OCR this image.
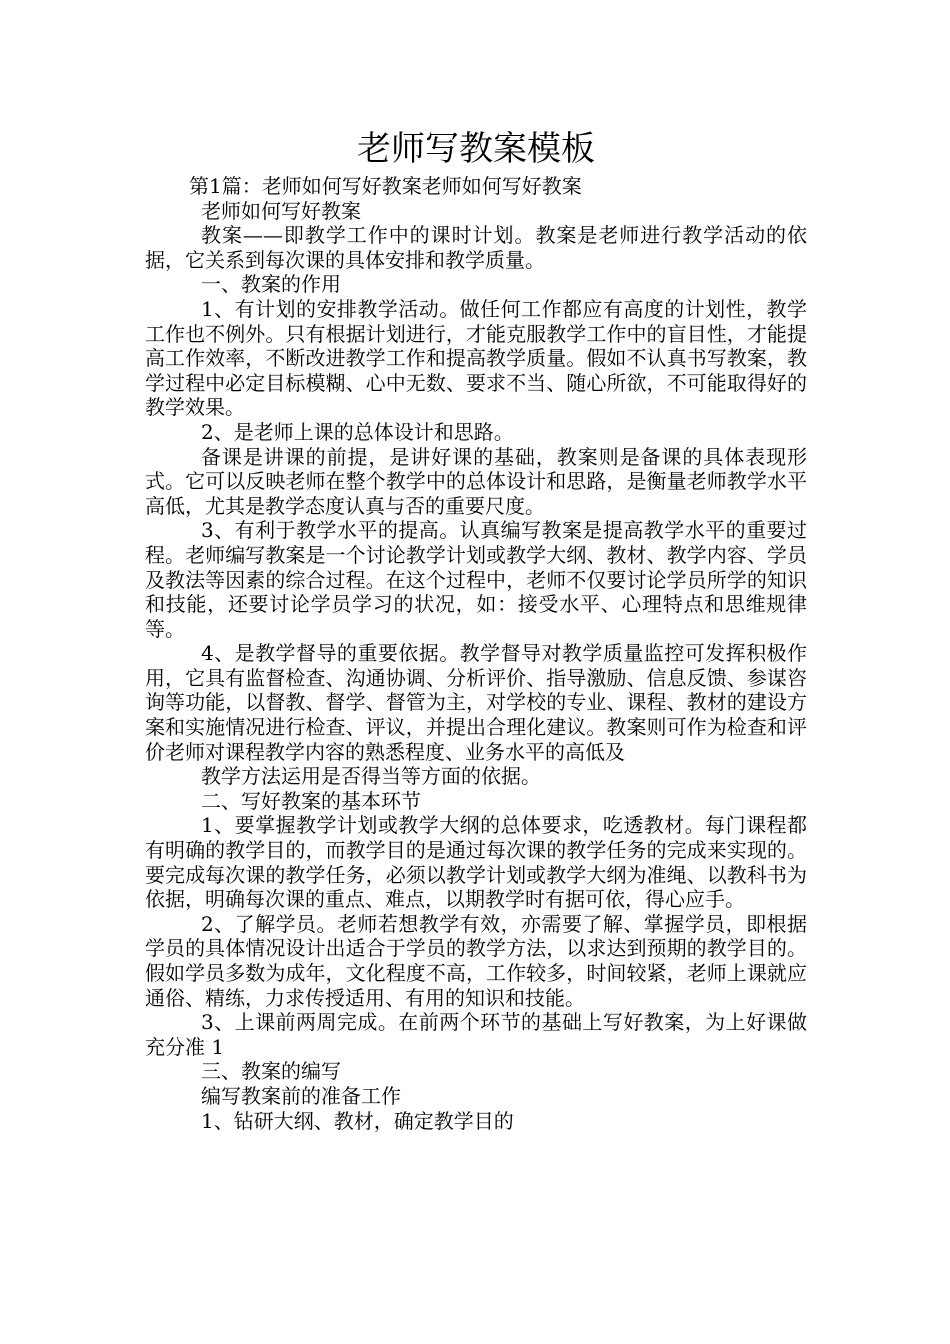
老师写教案模板

第1篇：老师如何写好教案老师如何写好教案

老师如何写好教案

教案——即教学工作中的课时计划。教案是老师进行教学活动的依据，它关系到每次课的具体安排和教学质量。

一、教案的作用

1、有计划的安排教学活动。做任何工作都应有高度的计划性，教学工作也不例外。只有根据计划进行，才能克服教学工作中的盲目性，才能提高工作效率，不断改进教学工作和提高教学质量。假如不认真书写教案，教学过程中必定目标模糊、心中无数、要求不当、随心所欲，不可能取得好的教学效果。

2、是老师上课的总体设计和思路。

备课是讲课的前提，是讲好课的基础，教案则是备课的具体表现形式。它可以反映老师在整个教学中的总体设计和思路，是衡量老师教学水平高低，尤其是教学态度认真与否的重要尺度。

3、有利于教学水平的提高。认真编写教案是提高教学水平的重要过程。老师编写教案是一个讨论教学计划或教学大纲、教材、教学内容、学员及教法等因素的综合过程。在这个过程中，老师不仅要讨论学员所学的知识和技能，还要讨论学员学习的状况，如：接受水平、心理特点和思维规律等。

4、是教学督导的重要依据。教学督导对教学质量监控可发挥积极作用，它具有监督检查、沟通协调、分析评价、指导激励、信息反馈、参谋咨询等功能，以督教、督学、督管为主，对学校的专业、课程、教材的建设方案和实施情况进行检查、评议，并提出合理化建议。教案则可作为检查和评价老师对课程教学内容的熟悉程度、业务水平的高低及

教学方法运用是否得当等方面的依据。

二、写好教案的基本环节

1、要掌握教学计划或教学大纲的总体要求，吃透教材。每门课程都有明确的教学目的，而教学目的是通过每次课的教学任务的完成来实现的。要完成每次课的教学任务，必须以教学计划或教学大纲为准绳、以教科书为依据，明确每次课的重点、难点，以期教学时有据可依，得心应手。

2、了解学员。老师若想教学有效，亦需要了解、掌握学员，即根据学员的具体情况设计出适合于学员的教学方法，以求达到预期的教学目的。假如学员多数为成年，文化程度不高，工作较多，时间较紧，老师上课就应通俗、精练，力求传授适用、有用的知识和技能。

3、上课前两周完成。在前两个环节的基础上写好教案，为上好课做充分准 1

三、教案的编写

编写教案前的准备工作

1、钻研大纲、教材，确定教学目的
